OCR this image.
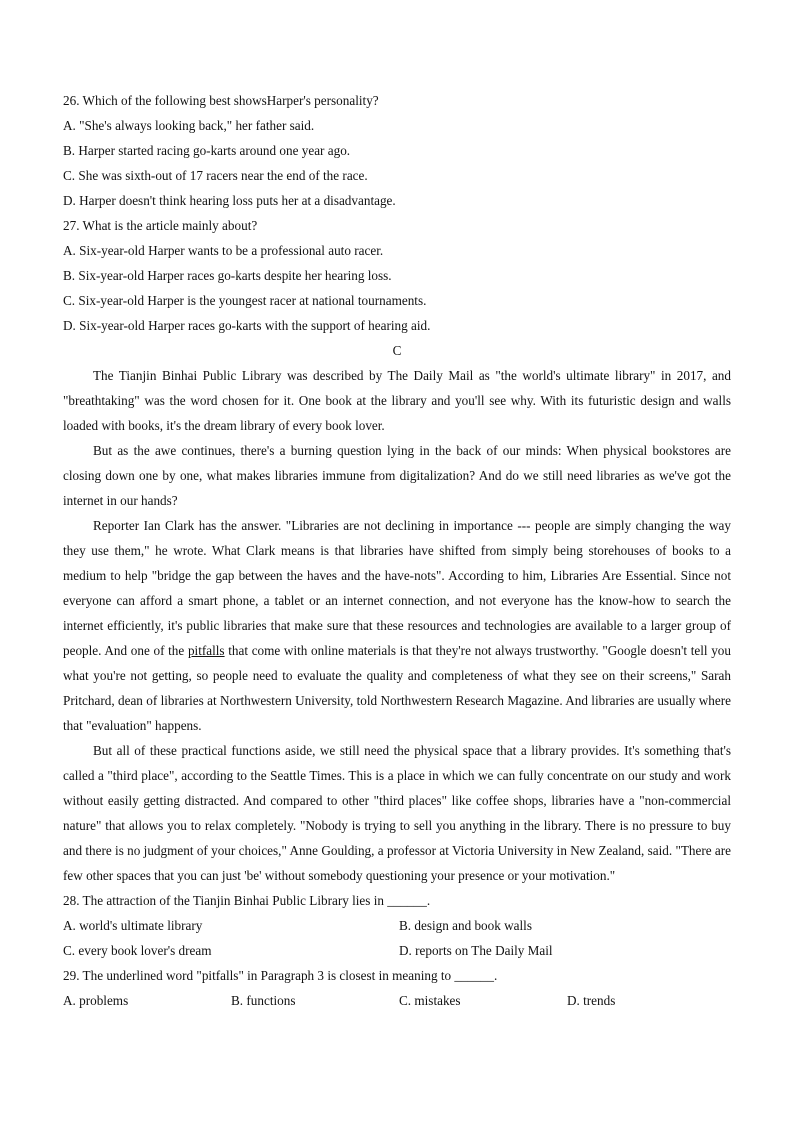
26. Which of the following best showsHarper's personality?
A. "She's always looking back," her father said.
B. Harper started racing go-karts around one year ago.
C. She was sixth-out of 17 racers near the end of the race.
D. Harper doesn't think hearing loss puts her at a disadvantage.
27. What is the article mainly about?
A. Six-year-old Harper wants to be a professional auto racer.
B. Six-year-old Harper races go-karts despite her hearing loss.
C. Six-year-old Harper is the youngest racer at national tournaments.
D. Six-year-old Harper races go-karts with the support of hearing aid.
C

The Tianjin Binhai Public Library was described by The Daily Mail as "the world's ultimate library" in 2017, and "breathtaking" was the word chosen for it. One book at the library and you'll see why. With its futuristic design and walls loaded with books, it's the dream library of every book lover.

But as the awe continues, there's a burning question lying in the back of our minds: When physical bookstores are closing down one by one, what makes libraries immune from digitalization? And do we still need libraries as we've got the internet in our hands?

Reporter Ian Clark has the answer. "Libraries are not declining in importance --- people are simply changing the way they use them," he wrote. What Clark means is that libraries have shifted from simply being storehouses of books to a medium to help "bridge the gap between the haves and the have-nots". According to him, Libraries Are Essential. Since not everyone can afford a smart phone, a tablet or an internet connection, and not everyone has the know-how to search the internet efficiently, it's public libraries that make sure that these resources and technologies are available to a larger group of people. And one of the pitfalls that come with online materials is that they're not always trustworthy. "Google doesn't tell you what you're not getting, so people need to evaluate the quality and completeness of what they see on their screens," Sarah Pritchard, dean of libraries at Northwestern University, told Northwestern Research Magazine. And libraries are usually where that "evaluation" happens.

But all of these practical functions aside, we still need the physical space that a library provides. It's something that's called a "third place", according to the Seattle Times. This is a place in which we can fully concentrate on our study and work without easily getting distracted. And compared to other "third places" like coffee shops, libraries have a "non-commercial nature" that allows you to relax completely. "Nobody is trying to sell you anything in the library. There is no pressure to buy and there is no judgment of your choices," Anne Goulding, a professor at Victoria University in New Zealand, said. "There are few other spaces that you can just 'be' without somebody questioning your presence or your motivation."

28. The attraction of the Tianjin Binhai Public Library lies in ______.
A. world's ultimate library	B. design and book walls
C. every book lover's dream	D. reports on The Daily Mail
29. The underlined word "pitfalls" in Paragraph 3 is closest in meaning to ______.
A. problems	B. functions	C. mistakes	D. trends
